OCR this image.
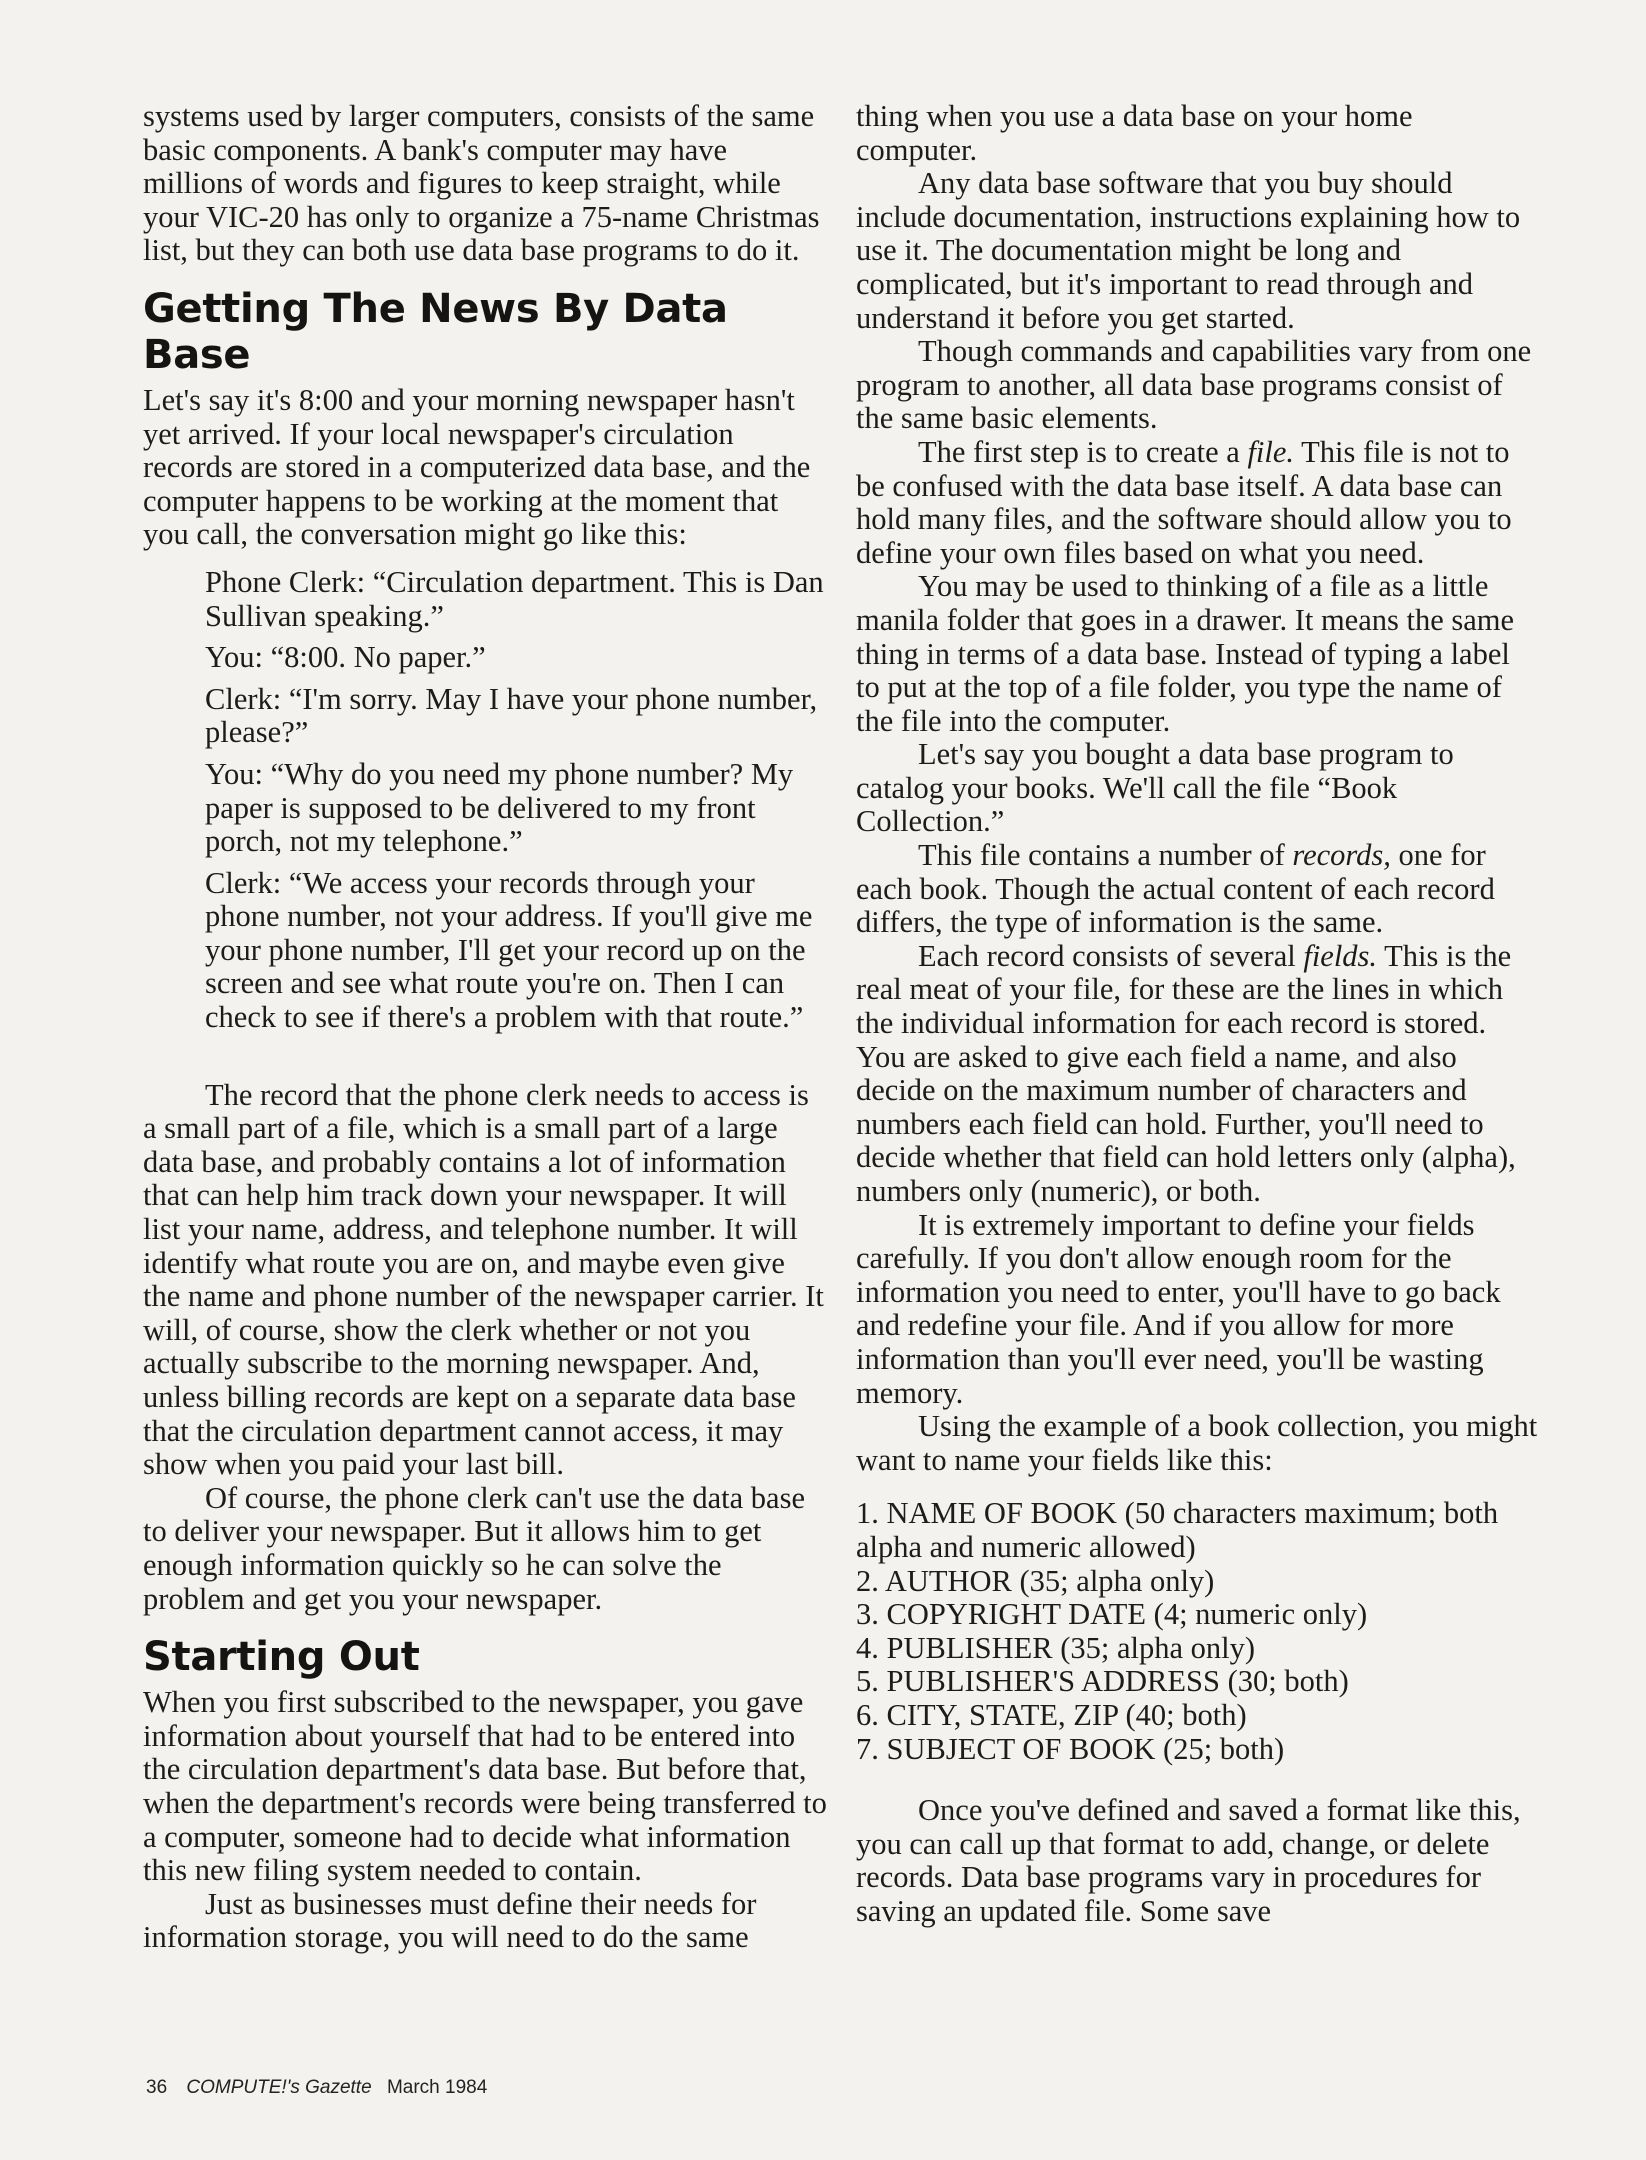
systems used by larger computers, consists of the same basic components. A bank's computer may have millions of words and figures to keep straight, while your VIC-20 has only to organize a 75-name Christmas list, but they can both use data base programs to do it.

Getting The News By Data Base

Let's say it's 8:00 and your morning newspaper hasn't yet arrived. If your local newspaper's circulation records are stored in a computerized data base, and the computer happens to be working at the moment that you call, the conversation might go like this:

Phone Clerk: “Circulation department. This is Dan Sullivan speaking.”

You: “8:00. No paper.”

Clerk: “I'm sorry. May I have your phone number, please?”

You: “Why do you need my phone number? My paper is supposed to be delivered to my front porch, not my telephone.”

Clerk: “We access your records through your phone number, not your address. If you'll give me your phone number, I'll get your record up on the screen and see what route you're on. Then I can check to see if there's a problem with that route.”

The record that the phone clerk needs to access is a small part of a file, which is a small part of a large data base, and probably contains a lot of information that can help him track down your newspaper. It will list your name, address, and telephone number. It will identify what route you are on, and maybe even give the name and phone number of the newspaper carrier. It will, of course, show the clerk whether or not you actually subscribe to the morning newspaper. And, unless billing records are kept on a separate data base that the circulation department cannot access, it may show when you paid your last bill.

Of course, the phone clerk can't use the data base to deliver your newspaper. But it allows him to get enough information quickly so he can solve the problem and get you your newspaper.

Starting Out

When you first subscribed to the newspaper, you gave information about yourself that had to be entered into the circulation department's data base. But before that, when the department's records were being transferred to a computer, someone had to decide what information this new filing system needed to contain.

Just as businesses must define their needs for information storage, you will need to do the same

thing when you use a data base on your home computer.

Any data base software that you buy should include documentation, instructions explaining how to use it. The documentation might be long and complicated, but it's important to read through and understand it before you get started.

Though commands and capabilities vary from one program to another, all data base programs consist of the same basic elements.

The first step is to create a file. This file is not to be confused with the data base itself. A data base can hold many files, and the software should allow you to define your own files based on what you need.

You may be used to thinking of a file as a little manila folder that goes in a drawer. It means the same thing in terms of a data base. Instead of typing a label to put at the top of a file folder, you type the name of the file into the computer.

Let's say you bought a data base program to catalog your books. We'll call the file “Book Collection.”

This file contains a number of records, one for each book. Though the actual content of each record differs, the type of information is the same.

Each record consists of several fields. This is the real meat of your file, for these are the lines in which the individual information for each record is stored. You are asked to give each field a name, and also decide on the maximum number of characters and numbers each field can hold. Further, you'll need to decide whether that field can hold letters only (alpha), numbers only (numeric), or both.

It is extremely important to define your fields carefully. If you don't allow enough room for the information you need to enter, you'll have to go back and redefine your file. And if you allow for more information than you'll ever need, you'll be wasting memory.

Using the example of a book collection, you might want to name your fields like this:

1. NAME OF BOOK (50 characters maximum; both alpha and numeric allowed)
2. AUTHOR (35; alpha only)
3. COPYRIGHT DATE (4; numeric only)
4. PUBLISHER (35; alpha only)
5. PUBLISHER'S ADDRESS (30; both)
6. CITY, STATE, ZIP (40; both)
7. SUBJECT OF BOOK (25; both)

Once you've defined and saved a format like this, you can call up that format to add, change, or delete records. Data base programs vary in procedures for saving an updated file. Some save

36 COMPUTE!'s Gazette March 1984
